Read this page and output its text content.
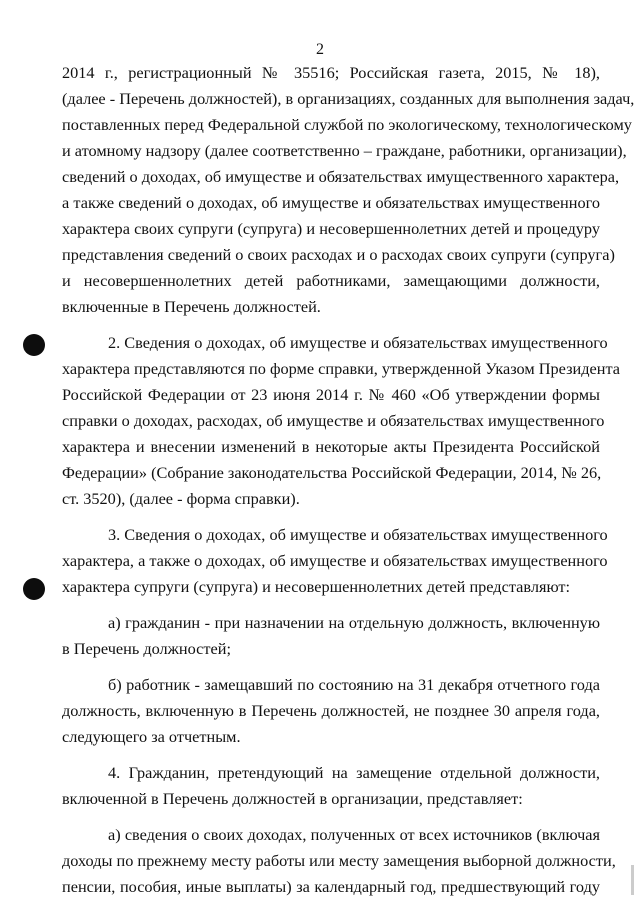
2

2014 г., регистрационный № 35516; Российская газета, 2015, № 18),
(далее - Перечень должностей), в организациях, созданных для выполнения задач,
поставленных перед Федеральной службой по экологическому, технологическому
и атомному надзору (далее соответственно – граждане, работники, организации),
сведений о доходах, об имуществе и обязательствах имущественного характера,
а также сведений о доходах, об имуществе и обязательствах имущественного
характера своих супруги (супруга) и несовершеннолетних детей и процедуру
представления сведений о своих расходах и о расходах своих супруги (супруга)
и несовершеннолетних детей работниками, замещающими должности,
включенные в Перечень должностей.

2. Сведения о доходах, об имуществе и обязательствах имущественного
характера представляются по форме справки, утвержденной Указом Президента
Российской Федерации от 23 июня 2014 г. № 460 «Об утверждении формы
справки о доходах, расходах, об имуществе и обязательствах имущественного
характера и внесении изменений в некоторые акты Президента Российской
Федерации» (Собрание законодательства Российской Федерации, 2014, № 26,
ст. 3520), (далее - форма справки).

3. Сведения о доходах, об имуществе и обязательствах имущественного
характера, а также о доходах, об имуществе и обязательствах имущественного
характера супруги (супруга) и несовершеннолетних детей представляют:

а) гражданин - при назначении на отдельную должность, включенную
в Перечень должностей;

б) работник - замещавший по состоянию на 31 декабря отчетного года
должность, включенную в Перечень должностей, не позднее 30 апреля года,
следующего за отчетным.

4. Гражданин, претендующий на замещение отдельной должности,
включенной в Перечень должностей в организации, представляет:

а) сведения о своих доходах, полученных от всех источников (включая
доходы по прежнему месту работы или месту замещения выборной должности,
пенсии, пособия, иные выплаты) за календарный год, предшествующий году
